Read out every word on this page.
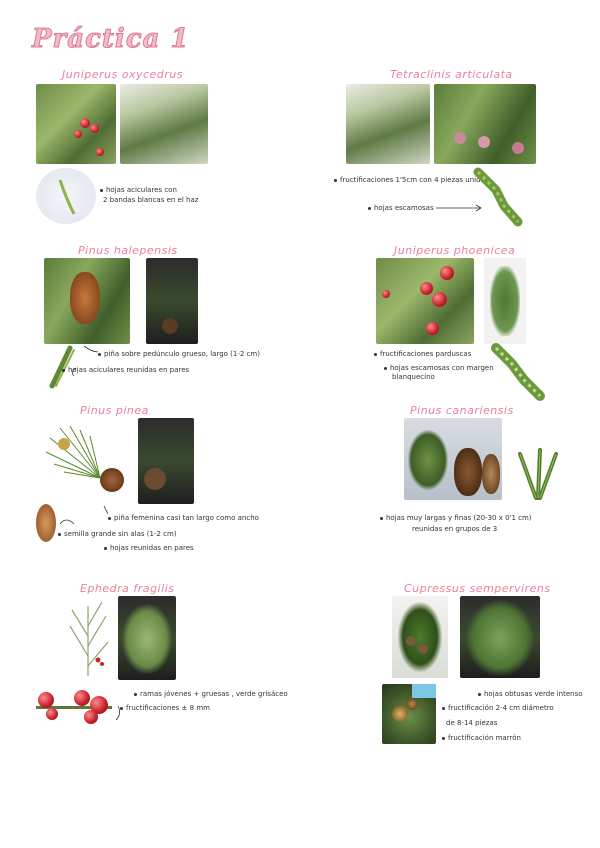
Práctica 1
Juniperus oxycedrus
hojas aciculares con
2 bandas blancas en el haz
Tetraclinis articulata
fructificaciones 1'5cm con 4 piezas unidas
hojas escamosas
Pinus halepensis
piña sobre pedúnculo grueso, largo (1-2 cm)
hojas aciculares reunidas en pares
Juniperus phoenicea
fructificaciones parduscas
hojas escamosas con margen
blanquecino
Pinus pinea
piña femenina casi tan largo como ancho
semilla grande sin alas (1-2 cm)
hojas reunidas en pares
Pinus canariensis
hojas muy largas y finas (20-30 x 0'1 cm)
reunidas en grupos de 3
Ephedra fragilis
ramas jóvenes + gruesas , verde grisáceo
fructificaciones ± 8 mm
Cupressus sempervirens
hojas obtusas verde intenso
fructificación 2-4 cm diámetro
de 8-14 piezas
fructificación marrón
